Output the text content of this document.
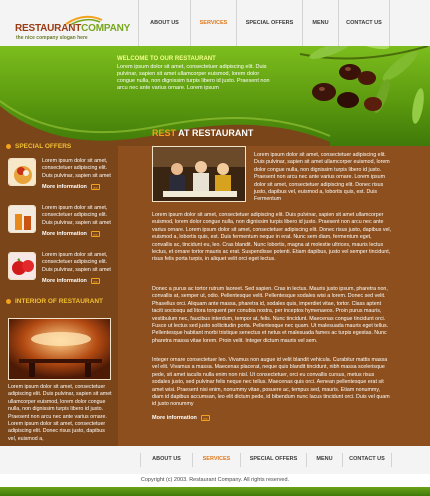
RESTAURANTCOMPANY
the nice company slogan here
ABOUT US	SERVICES	SPECIAL OFFERS	MENU	CONTACT US
WELCOME TO OUR RESTAURANT
Lorem ipsum dolor sit amet, consectetuer adipiscing elit. Duis pulvinar, sapien sit amet ullamcorper euismod, lorem dolor congue nulla, non dignissim turpis libero id justo. Praesent non arcu nec ante varius ornare. Lorem ipsum
SPECIAL OFFERS
Lorem ipsum dolor sit amet, consectetuer adipiscing elit. Duis pulvinar, sapien sit amet
More information	>>
Lorem ipsum dolor sit amet, consectetuer adipiscing elit. Duis pulvinar, sapien sit amet
More information	>>
Lorem ipsum dolor sit amet, consectetuer adipiscing elit. Duis pulvinar, sapien sit amet
More information	>>
INTERIOR OF RESTAURANT
Lorem ipsum dolor sit amet, consectetuer adipiscing elit. Duis pulvinar, sapien sit amet ullamcorper euismod, lorem dolor congue nulla, non dignissim turpis libero id justo. Praesent non arcu nec ante varius ornare. Lorem ipsum dolor sit amet, consectetuer adipiscing elit. Donec risus justo, dapibus vel, euismod a,
REST AT RESTAURANT
Lorem ipsum dolor sit amet, consectetuer adipiscing elit. Duis pulvinar, sapien sit amet ullamcorper euismod, lorem dolor congue nulla, non dignissim turpis libero id justo. Praesent non arcu nec ante varius ornare. Lorem ipsum dolor sit amet, consectetuer adipiscing elit. Donec risus justo, dapibus vel, euismod a, lobortis quis, est. Duis Fermentum
Lorem ipsum dolor sit amet, consectetuer adipiscing elit. Duis pulvinar, sapien sit amet ullamcorper euismod, lorem dolor congue nulla, non dignissim turpis libero id justo. Praesent non arcu nec ante varius ornare. Lorem ipsum dolor sit amet, consectetuer adipiscing elit. Donec risus justo, dapibus vel, euismod a, lobortis quis, est. Duis fermentum neque in erat. Nunc sem diam, fermentum eget, convallis ac, tincidunt eu, leo. Cras blandit. Nunc lobortis, magna at molestie ultrices, mauris lectus lectus, et ornare tortor mauris ac erat. Suspendisse potenti. Etiam dapibus, justo vel semper tincidunt, risus felis porta turpis, in aliquet velit orci eget lectus.
Donec a purus ac tortor rutrum laoreet. Sed sapien. Cras in lectus. Mauris justo ipsum, pharetra non, convallis at, semper ut, odio. Pellentesque velit. Pellentesque sodales wisi a lorem. Donec sed velit. Phasellus orci. Aliquam ante massa, pharetra id, sodales quis, imperdiet vitae, tortor. Class aptent taciti sociosqu ad litora torquent per conubia nostra, per inceptos hymenaeos. Proin purus mauris, vestibulum nec, faucibus interdum, tempor at, felis. Nunc tincidunt. Maecenas congue tincidunt orci. Fusce ut lectus sed justo sollicitudin porta. Pellentesque nec quam. Ut malesuada mauris eget tellus. Pellentesque habitant morbi tristique senectus et netus et malesuada fames ac turpis egestas. Nunc pharetra massa vitae lorem. Proin velit. Integer dictum mauris vel sem.
Integer ornare consectetuer leo. Vivamus non augue id velit blandit vehicula. Curabitur mattis massa vel elit. Vivamus a massa. Maecenas placerat, neque quis blandit tincidunt, nibh massa scelerisque pede, sit amet iaculis nulla enim non nisl. Ut consectetuer, orci eu convallis cursus, metus risus sodales justo, sed pulvinar felis neque nec tellus. Maecenas quis orci. Aenean pellentesque erat sit amet wisi. Praesent nisi enim, nonummy vitae, posuere ac, tempus sed, mauris. Etiam nonummy, diam id dapibus accumsan, leo elit dictum pede, id bibendum nunc lacus tincidunt orci. Duis vel quam id justo nonummy
More information	>>
ABOUT US	SERVICES	SPECIAL OFFERS	MENU	CONTACT US
Copyright (c) 2003. Restaurant Company. All rights reserved.
